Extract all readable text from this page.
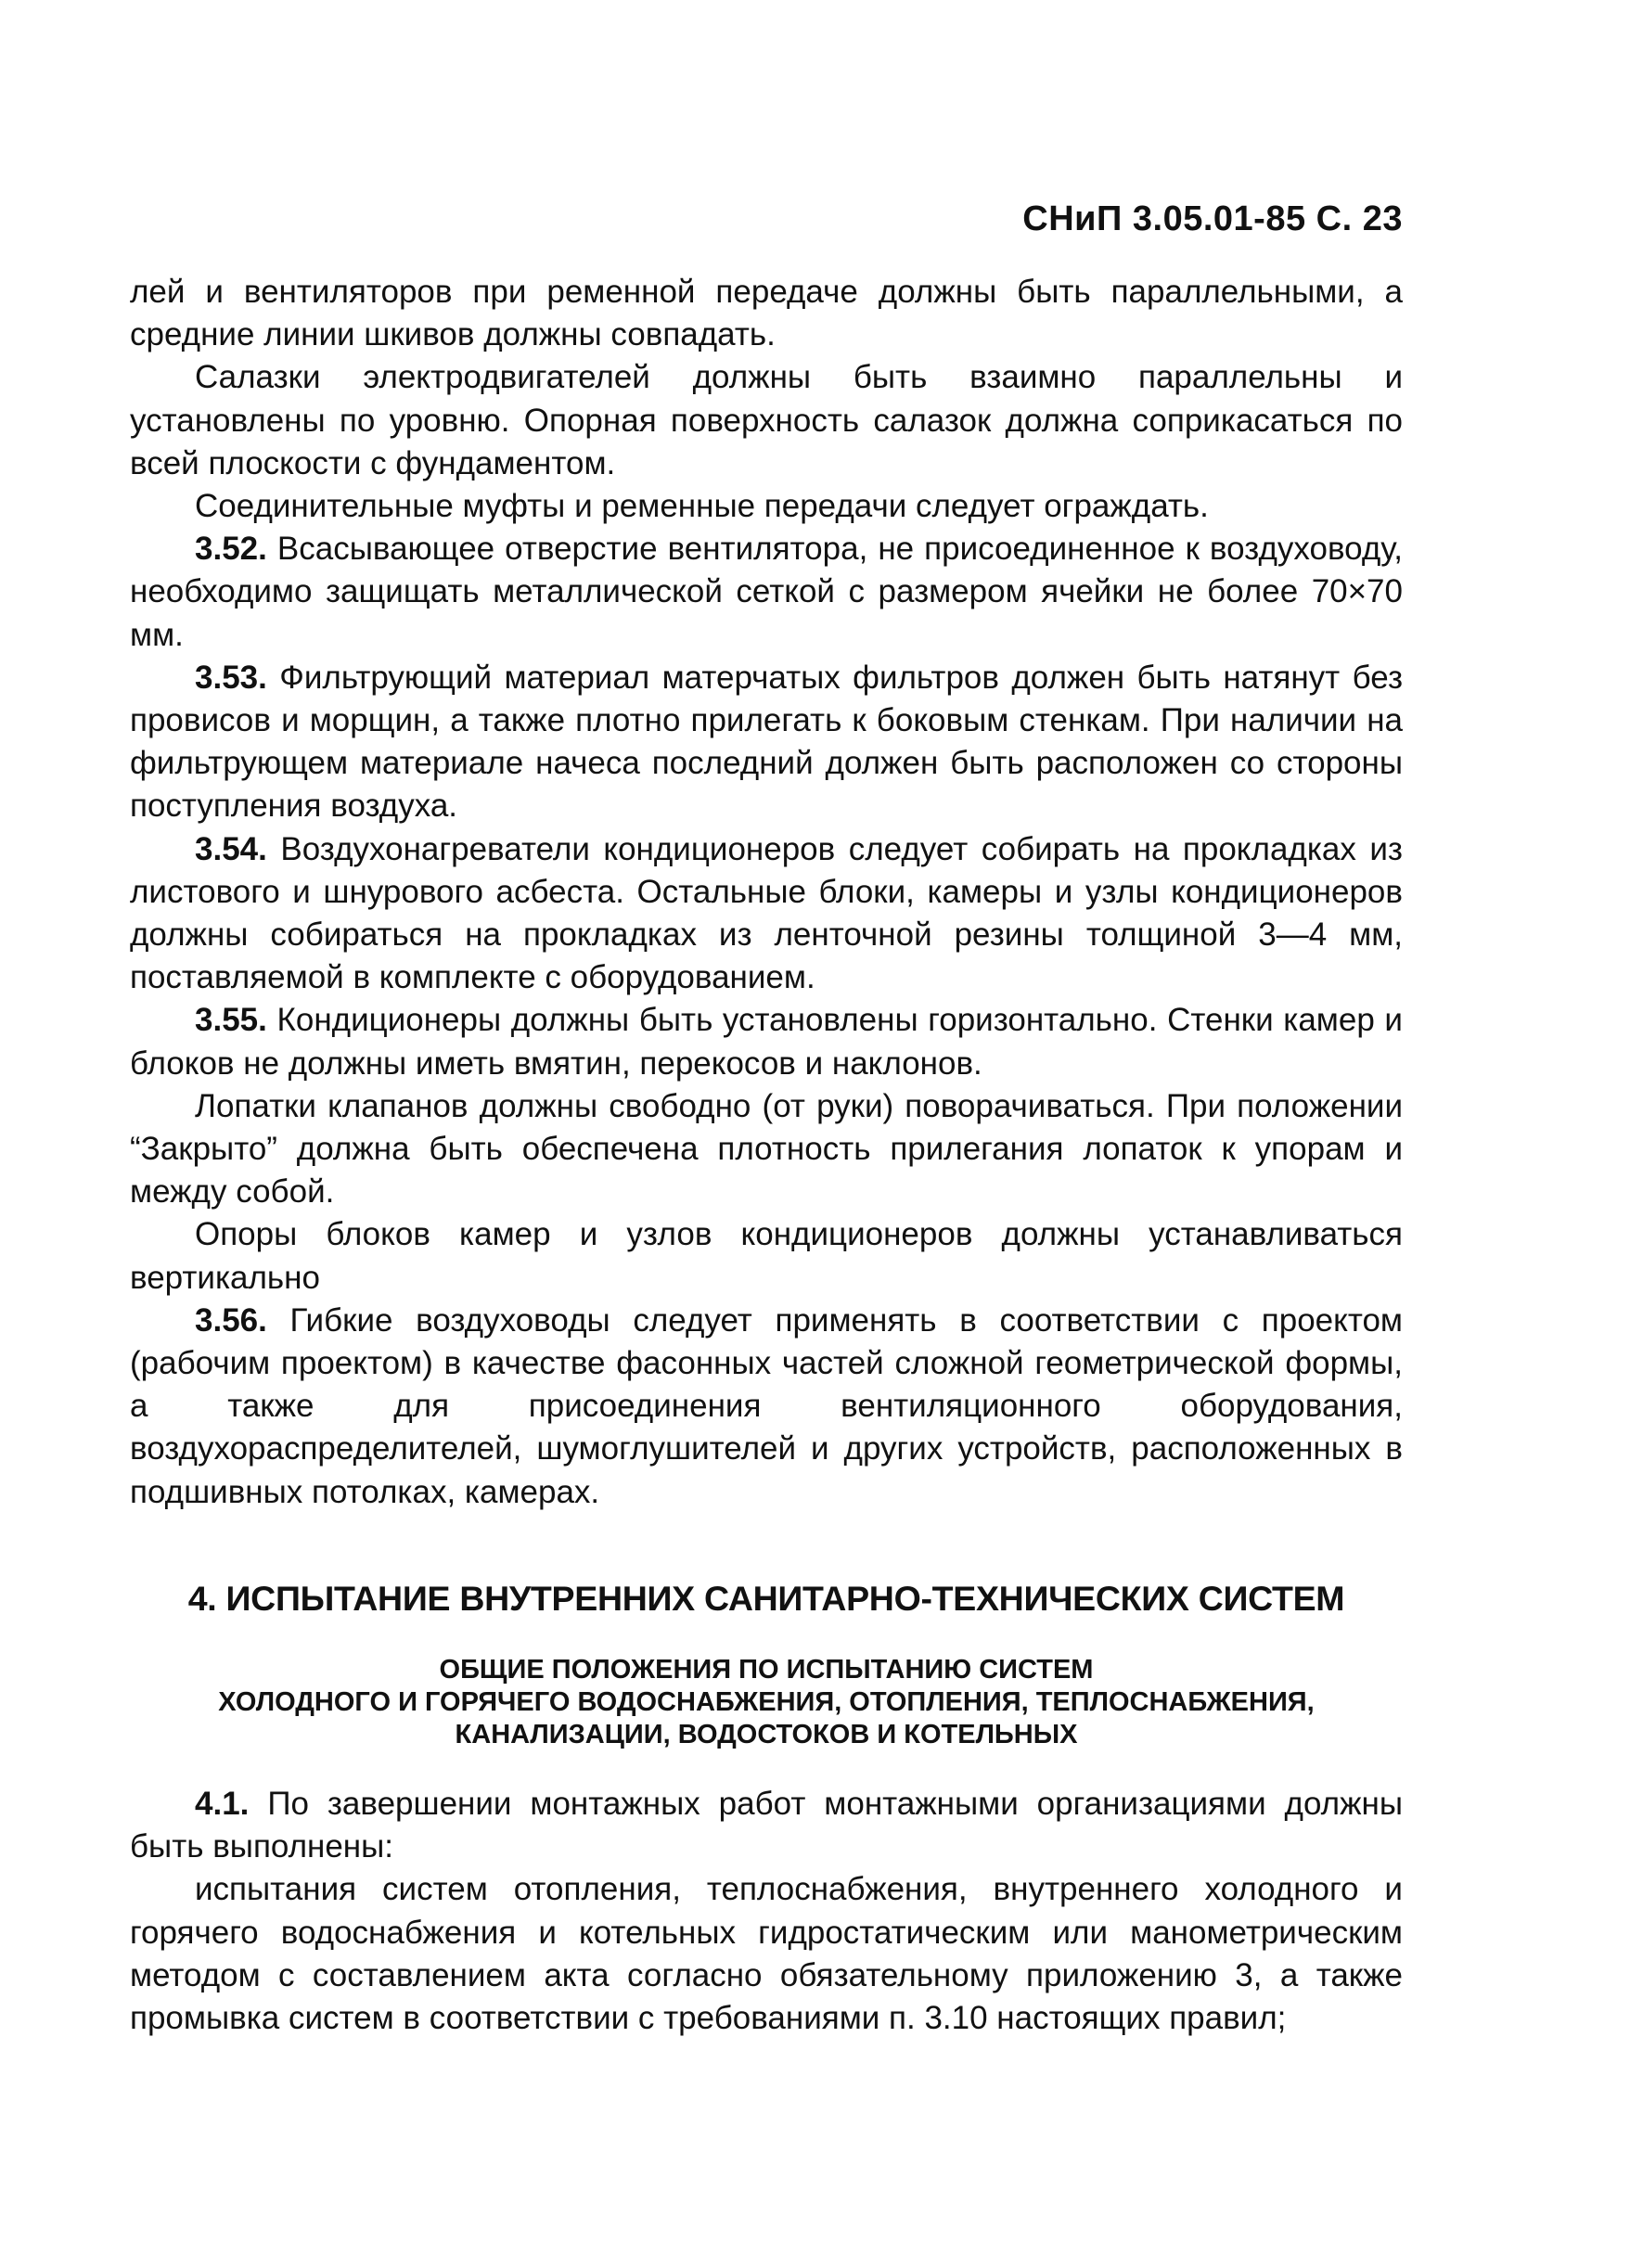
СНиП 3.05.01-85 С. 23

лей и вентиляторов при ременной передаче должны быть параллельными, а средние линии шкивов должны совпадать.

Салазки электродвигателей должны быть взаимно параллельны и установлены по уровню. Опорная поверхность салазок должна соприкасаться по всей плоскости с фундаментом.

Соединительные муфты и ременные передачи следует ограждать.

3.52. Всасывающее отверстие вентилятора, не присоединенное к воздуховоду, необходимо защищать металлической сеткой с размером ячейки не более 70×70 мм.

3.53. Фильтрующий материал матерчатых фильтров должен быть натянут без провисов и морщин, а также плотно прилегать к боковым стенкам. При наличии на фильтрующем материале начеса последний должен быть расположен со стороны поступления воздуха.

3.54. Воздухонагреватели кондиционеров следует собирать на прокладках из листового и шнурового асбеста. Остальные блоки, камеры и узлы кондиционеров должны собираться на прокладках из ленточной резины толщиной 3—4 мм, поставляемой в комплекте с оборудованием.

3.55. Кондиционеры должны быть установлены горизонтально. Стенки камер и блоков не должны иметь вмятин, перекосов и наклонов.

Лопатки клапанов должны свободно (от руки) поворачиваться. При положении “Закрыто” должна быть обеспечена плотность прилегания лопаток к упорам и между собой.

Опоры блоков камер и узлов кондиционеров должны устанавливаться вертикально

3.56. Гибкие воздуховоды следует применять в соответствии с проектом (рабочим проектом) в качестве фасонных частей сложной геометрической формы, а также для присоединения вентиляционного оборудования, воздухораспределителей, шумоглушителей и других устройств, расположенных в подшивных потолках, камерах.

4. ИСПЫТАНИЕ ВНУТРЕННИХ САНИТАРНО-ТЕХНИЧЕСКИХ СИСТЕМ
ОБЩИЕ ПОЛОЖЕНИЯ ПО ИСПЫТАНИЮ СИСТЕМ
ХОЛОДНОГО И ГОРЯЧЕГО ВОДОСНАБЖЕНИЯ, ОТОПЛЕНИЯ, ТЕПЛОСНАБЖЕНИЯ,
КАНАЛИЗАЦИИ, ВОДОСТОКОВ И КОТЕЛЬНЫХ

4.1. По завершении монтажных работ монтажными организациями должны быть выполнены:

испытания систем отопления, теплоснабжения, внутреннего холодного и горячего водоснабжения и котельных гидростатическим или манометрическим методом с составлением акта согласно обязательному приложению 3, а также промывка систем в соответствии с требованиями п. 3.10 настоящих правил;
